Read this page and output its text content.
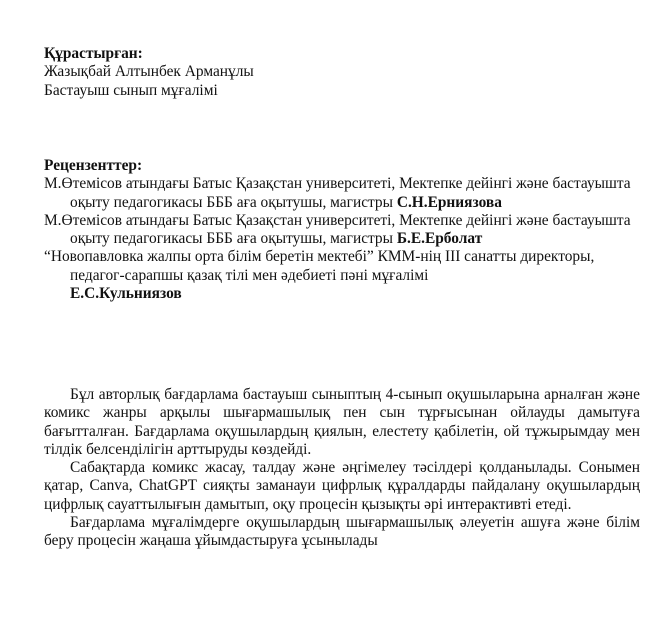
Құрастырған:
Жазықбай Алтынбек Арманұлы
Бастауыш сынып мұғалімі
Рецензенттер:
М.Өтемісов атындағы Батыс Қазақстан университеті, Мектепке дейінгі және бастауышта оқыту педагогикасы БББ аға оқытушы, магистры С.Н.Ерниязова
М.Өтемісов атындағы Батыс Қазақстан университеті, Мектепке дейінгі және бастауышта оқыту педагогикасы БББ аға оқытушы, магистры Б.Е.Ерболат
“Новопавловка жалпы орта білім беретін мектебі” КММ-нің ІІІ санатты директоры, педагог-сарапшы қазақ тілі мен әдебиеті пәні мұғалімі
Е.С.Кульниязов

Бұл авторлық бағдарлама бастауыш сыныптың 4-сынып оқушыларына арналған және комикс жанры арқылы шығармашылық пен сын тұрғысынан ойлауды дамытуға бағытталған. Бағдарлама оқушылардың қиялын, елестету қабілетін, ой тұжырымдау мен тілдік белсенділігін арттыруды көздейді.

Сабақтарда комикс жасау, талдау және әңгімелеу тәсілдері қолданылады. Сонымен қатар, Canva, ChatGPT сияқты заманауи цифрлық құралдарды пайдалану оқушылардың цифрлық сауаттылығын дамытып, оқу процесін қызықты әрі интерактивті етеді.

Бағдарлама мұғалімдерге оқушылардың шығармашылық әлеуетін ашуға және білім беру процесін жаңаша ұйымдастыруға ұсынылады
